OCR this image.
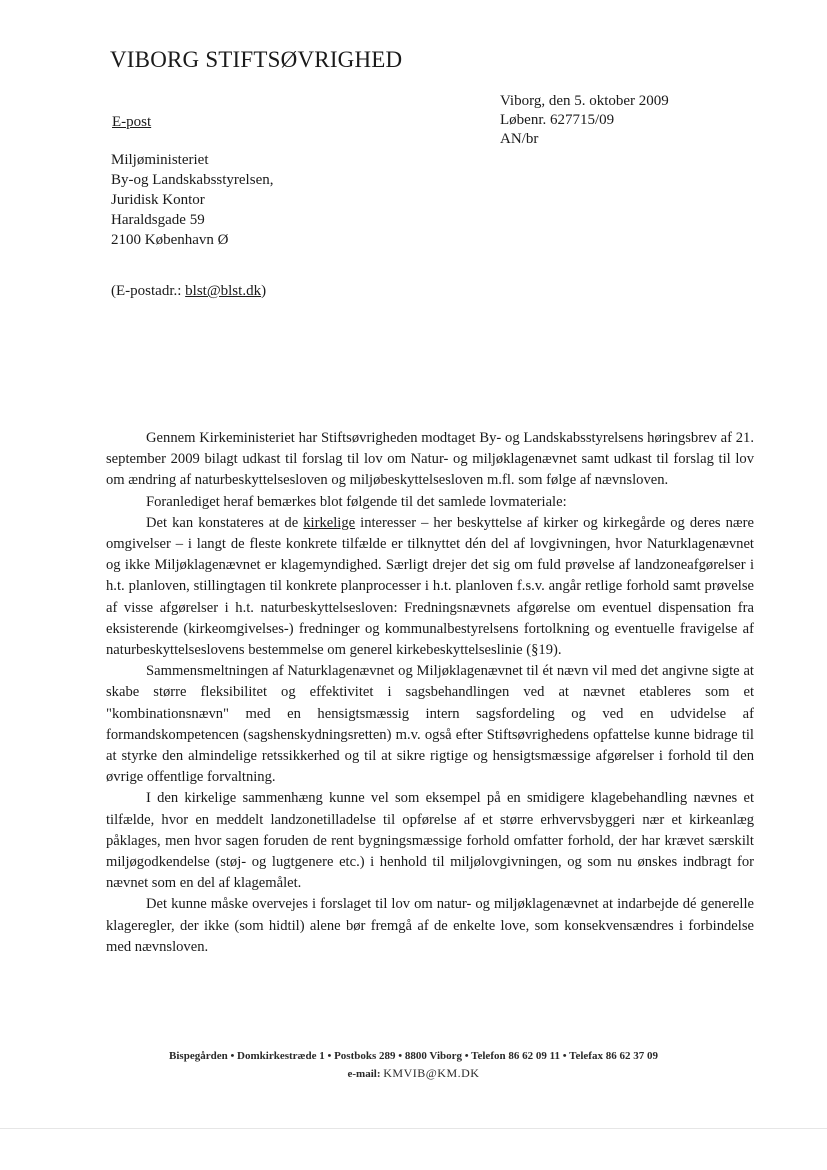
VIBORG STIFTSØVRIGHED
E-post
Viborg, den 5. oktober 2009
Løbenr. 627715/09
AN/br
Miljøministeriet
By-og Landskabsstyrelsen,
Juridisk Kontor
Haraldsgade 59
2100 København Ø
(E-postadr.: blst@blst.dk)

Gennem Kirkeministeriet har Stiftsøvrigheden modtaget By- og Landskabsstyrelsens høringsbrev af 21. september 2009 bilagt udkast til forslag til lov om Natur- og miljøklagenævnet samt udkast til forslag til lov om ændring af naturbeskyttelsesloven og miljøbeskyttelsesloven m.fl. som følge af nævnsloven.

Foranlediget heraf bemærkes blot følgende til det samlede lovmateriale:

Det kan konstateres at de kirkelige interesser – her beskyttelse af kirker og kirkegårde og deres nære omgivelser – i langt de fleste konkrete tilfælde er tilknyttet dén del af lovgivningen, hvor Naturklagenævnet og ikke Miljøklagenævnet er klagemyndighed. Særligt drejer det sig om fuld prøvelse af landzoneafgørelser i h.t. planloven, stillingtagen til konkrete planprocesser i h.t. planloven f.s.v. angår retlige forhold samt prøvelse af visse afgørelser i h.t. naturbeskyttelsesloven: Fredningsnævnets afgørelse om eventuel dispensation fra eksisterende (kirkeomgivelses-) fredninger og kommunalbestyrelsens fortolkning og eventuelle fravigelse af naturbeskyttelseslovens bestemmelse om generel kirkebeskyttelseslinie (§19).

Sammensmeltningen af Naturklagenævnet og Miljøklagenævnet til ét nævn vil med det angivne sigte at skabe større fleksibilitet og effektivitet i sagsbehandlingen ved at nævnet etableres som et "kombinationsnævn" med en hensigtsmæssig intern sagsfordeling og ved en udvidelse af formandskompetencen (sagshenskydningsretten) m.v. også efter Stiftsøvrighedens opfattelse kunne bidrage til at styrke den almindelige retssikkerhed og til at sikre rigtige og hensigtsmæssige afgørelser i forhold til den øvrige offentlige forvaltning.

I den kirkelige sammenhæng kunne vel som eksempel på en smidigere klagebehandling nævnes et tilfælde, hvor en meddelt landzonetilladelse til opførelse af et større erhvervsbyggeri nær et kirkeanlæg påklages, men hvor sagen foruden de rent bygningsmæssige forhold omfatter forhold, der har krævet særskilt miljøgodkendelse (støj- og lugtgenere etc.) i henhold til miljølovgivningen, og som nu ønskes indbragt for nævnet som en del af klagemålet.

Det kunne måske overvejes i forslaget til lov om natur- og miljøklagenævnet at indarbejde dé generelle klageregler, der ikke (som hidtil) alene bør fremgå af de enkelte love, som konsekvensændres i forbindelse med nævnsloven.

Bispegården • Domkirkestræde 1 • Postboks 289 • 8800 Viborg • Telefon 86 62 09 11 • Telefax 86 62 37 09
e-mail: KMVIB@KM.DK
